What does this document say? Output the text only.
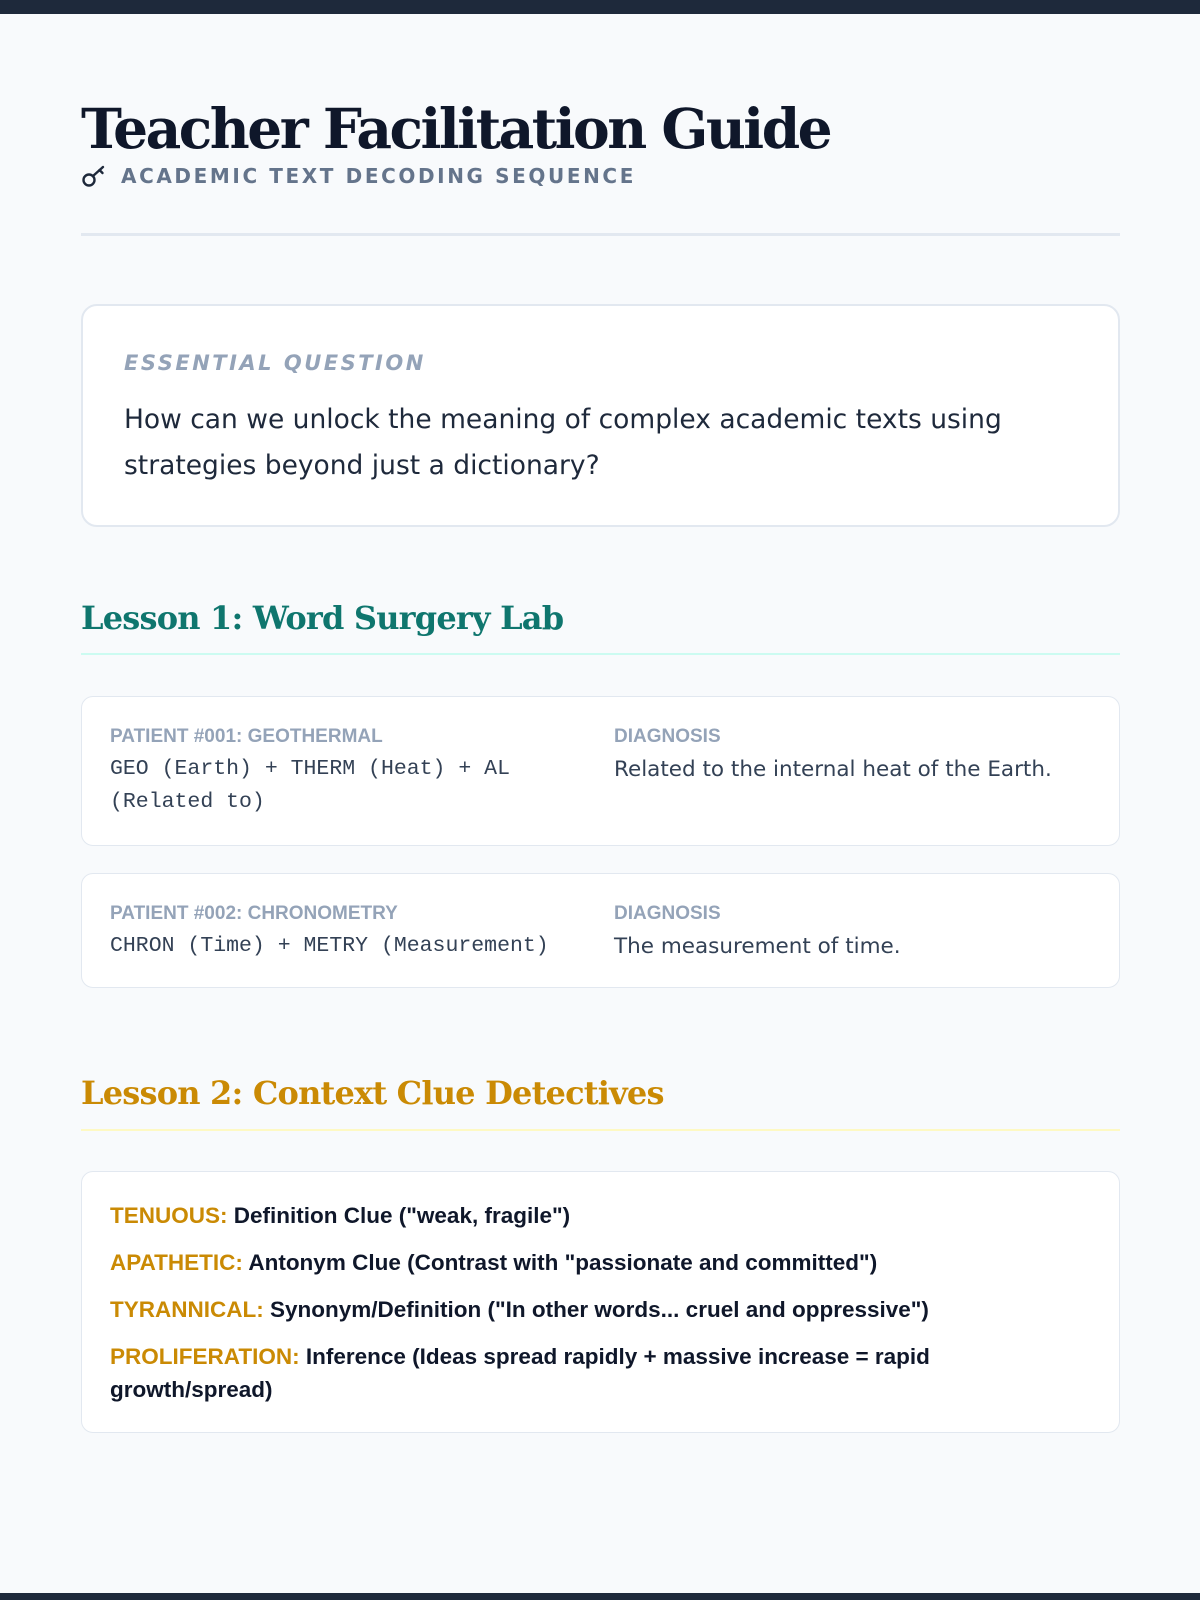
Teacher Facilitation Guide
ACADEMIC TEXT DECODING SEQUENCE
ESSENTIAL QUESTION

How can we unlock the meaning of complex academic texts using strategies beyond just a dictionary?

Lesson 1: Word Surgery Lab
PATIENT #001: GEOTHERMAL
GEO (Earth) + THERM (Heat) + AL (Related to)
DIAGNOSIS
Related to the internal heat of the Earth.
PATIENT #002: CHRONOMETRY
CHRON (Time) + METRY (Measurement)
DIAGNOSIS
The measurement of time.
Lesson 2: Context Clue Detectives

TENUOUS: Definition Clue ("weak, fragile")

APATHETIC: Antonym Clue (Contrast with "passionate and committed")

TYRANNICAL: Synonym/Definition ("In other words... cruel and oppressive")

PROLIFERATION: Inference (Ideas spread rapidly + massive increase = rapid growth/spread)
